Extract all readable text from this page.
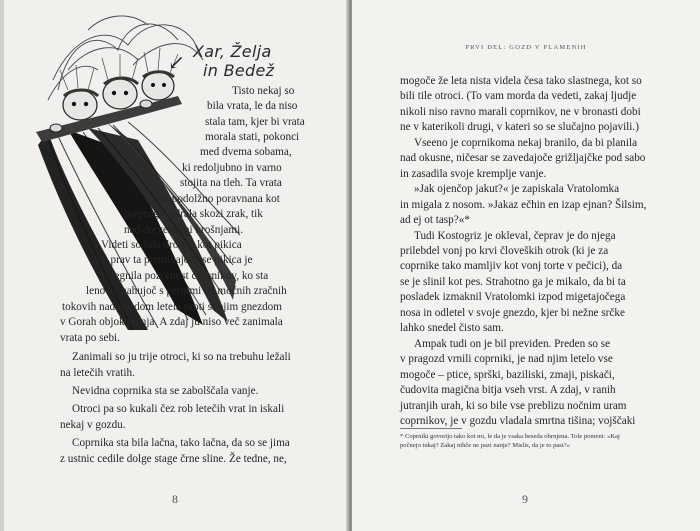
↙
Xar, Želja
in Bedež
Tisto nekaj so
bila vrata, le da niso
stala tam, kjer bi vrata
morala stati, pokonci
med dvema sobama,
ki redoljubno in varno
stojita na tleh. Ta vrata
so podolžno poravnana kot
preproga jadrala skozi zrak, tik
nad drevesnimi krošnjami.
Videti so bila drobna kot pikica
in prav ta premikajoča se pikica je
pritegnila pozornost coprnikov, ko sta
leno zamahujoč s perutmi na močnih zračnih
tokovih nad gozdom letela proti svojim gnezdom
v Gorah objokovanja. A zdaj ju niso več zanimala
vrata po sebi.
Zanimali so ju trije otroci, ki so na trebuhu ležali
na letečih vratih.
Nevidna coprnika sta se zabolščala vanje.
Otroci pa so kukali čez rob letečih vrat in iskali
nekaj v gozdu.
Coprnika sta bila lačna, tako lačna, da so se jima
z ustnic cedile dolge stage črne sline. Že tedne, ne,
8
PRVI DEL: GOZD V PLAMENIH
mogoče že leta nista videla česa tako slastnega, kot so
bili tile otroci. (To vam morda da vedeti, zakaj ljudje
nikoli niso ravno marali coprnikov, ne v bronasti dobi
ne v katerikoli drugi, v kateri so se slučajno pojavili.)
Vseeno je coprnikoma nekaj branilo, da bi planila
nad okusne, ničesar se zavedajoče grižljajčke pod sabo
in zasadila svoje kremplje vanje.
»Jak ojenčop jakut?« je zapiskala Vratolomka
in migala z nosom. »Jakaz ečhin en izap ejnan? Šilsim,
ad ej ot tasp?«*
Tudi Kostogriz je okleval, čeprav je do njega
prilebdel vonj po krvi človeških otrok (ki je za
coprnike tako mamljiv kot vonj torte v pečici), da
se je slinil kot pes. Strahotno ga je mikalo, da bi ta
posladek izmaknil Vratolomki izpod migetajočega
nosa in odletel v svoje gnezdo, kjer bi nežne srčke
lahko snedel čisto sam.
Ampak tudi on je bil previden. Preden so se
v pragozd vrnili coprniki, je nad njim letelo vse
mogoče – ptice, sprški, baziliski, zmaji, piskači,
čudovita magična bitja vseh vrst. A zdaj, v ranih
jutranjih urah, ki so bile vse preblizu nočnim uram
coprnikov, je v gozdu vladala smrtna tišina; vojščaki
* Coprniki govorijo tako kot mi, le da je vsaka beseda obrnjena. Tole pomeni: »Kaj
počnejo tukaj? Zakaj nihče ne pazi nanje? Mislis, da je to past?«
9
